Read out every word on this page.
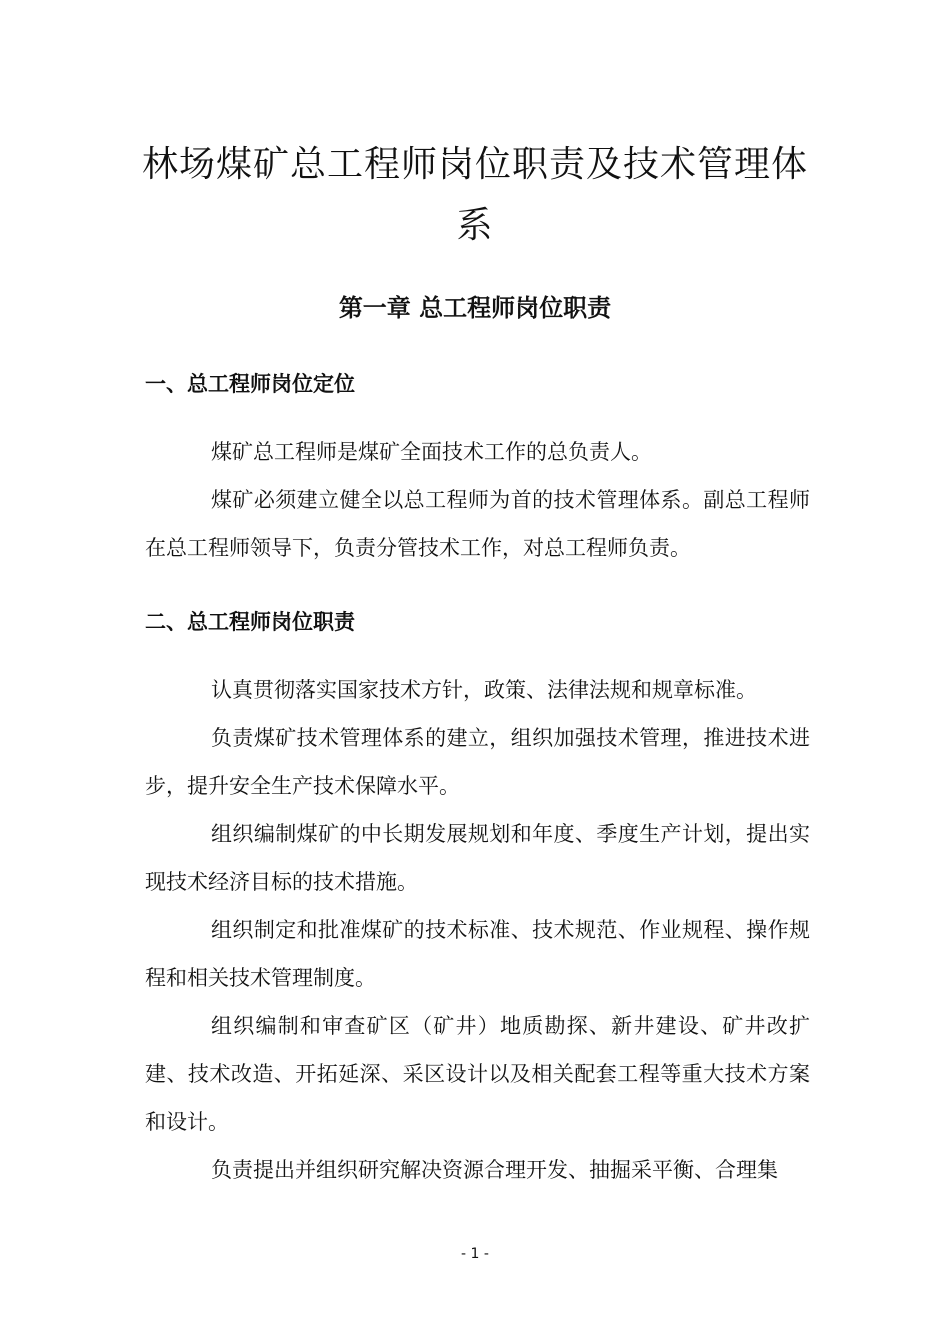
林场煤矿总工程师岗位职责及技术管理体
系
第一章 总工程师岗位职责
一、总工程师岗位定位

煤矿总工程师是煤矿全面技术工作的总负责人。

煤矿必须建立健全以总工程师为首的技术管理体系。副总工程师在总工程师领导下，负责分管技术工作，对总工程师负责。

二、总工程师岗位职责

认真贯彻落实国家技术方针，政策、法律法规和规章标准。

负责煤矿技术管理体系的建立，组织加强技术管理，推进技术进步，提升安全生产技术保障水平。

组织编制煤矿的中长期发展规划和年度、季度生产计划，提出实现技术经济目标的技术措施。

组织制定和批准煤矿的技术标准、技术规范、作业规程、操作规程和相关技术管理制度。

组织编制和审查矿区（矿井）地质勘探、新井建设、矿井改扩建、技术改造、开拓延深、采区设计以及相关配套工程等重大技术方案和设计。

负责提出并组织研究解决资源合理开发、抽掘采平衡、合理集

- 1 -
